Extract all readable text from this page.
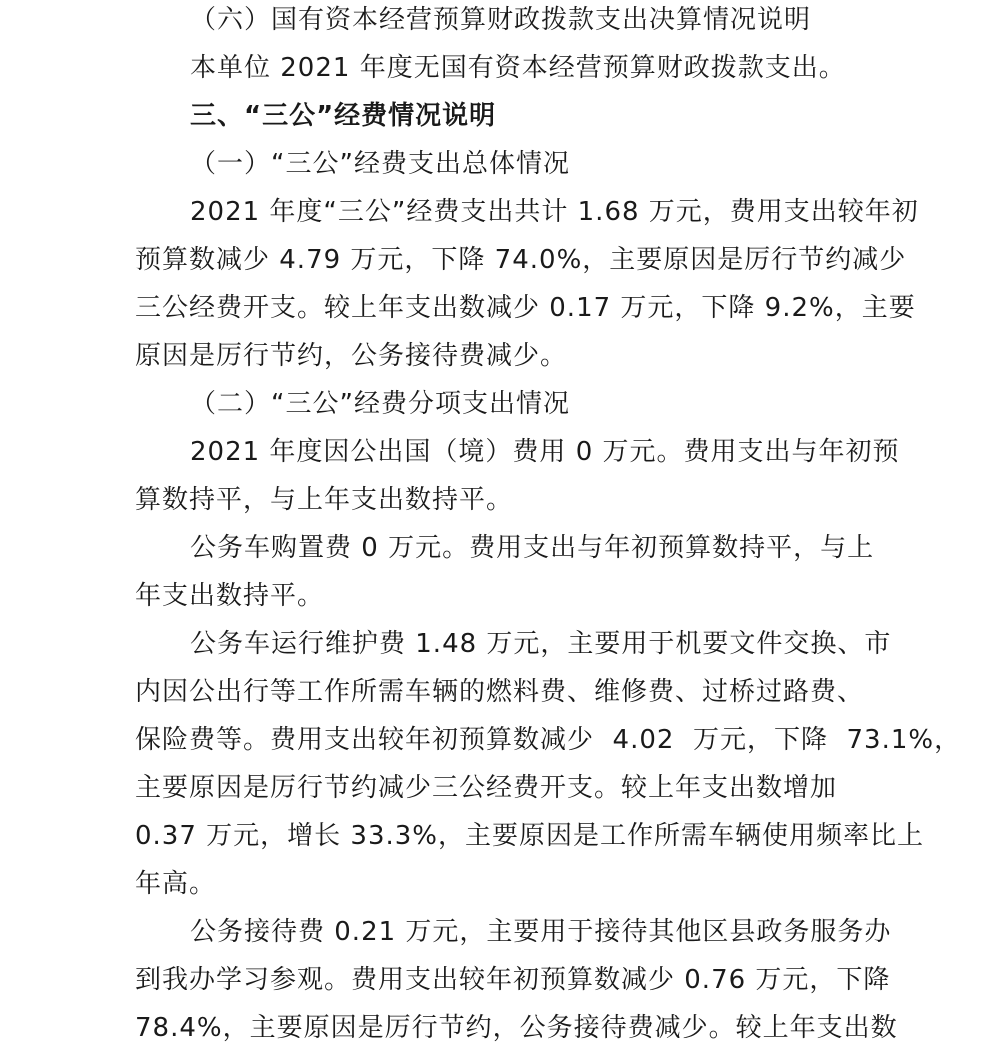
（六）国有资本经营预算财政拨款支出决算情况说明

本单位 2021 年度无国有资本经营预算财政拨款支出。

三、“三公”经费情况说明

（一）“三公”经费支出总体情况

2021 年度“三公”经费支出共计 1.68 万元，费用支出较年初

预算数减少 4.79 万元，下降 74.0%，主要原因是厉行节约减少

三公经费开支。较上年支出数减少 0.17 万元，下降 9.2%，主要

原因是厉行节约，公务接待费减少。

（二）“三公”经费分项支出情况

2021 年度因公出国（境）费用 0 万元。费用支出与年初预

算数持平，与上年支出数持平。

公务车购置费 0 万元。费用支出与年初预算数持平，与上

年支出数持平。

公务车运行维护费 1.48 万元，主要用于机要文件交换、市

内因公出行等工作所需车辆的燃料费、维修费、过桥过路费、

保险费等。费用支出较年初预算数减少  4.02  万元，下降  73.1%，

主要原因是厉行节约减少三公经费开支。较上年支出数增加

0.37 万元，增长 33.3%，主要原因是工作所需车辆使用频率比上

年高。

公务接待费 0.21 万元，主要用于接待其他区县政务服务办

到我办学习参观。费用支出较年初预算数减少 0.76 万元，下降

78.4%，主要原因是厉行节约，公务接待费减少。较上年支出数
